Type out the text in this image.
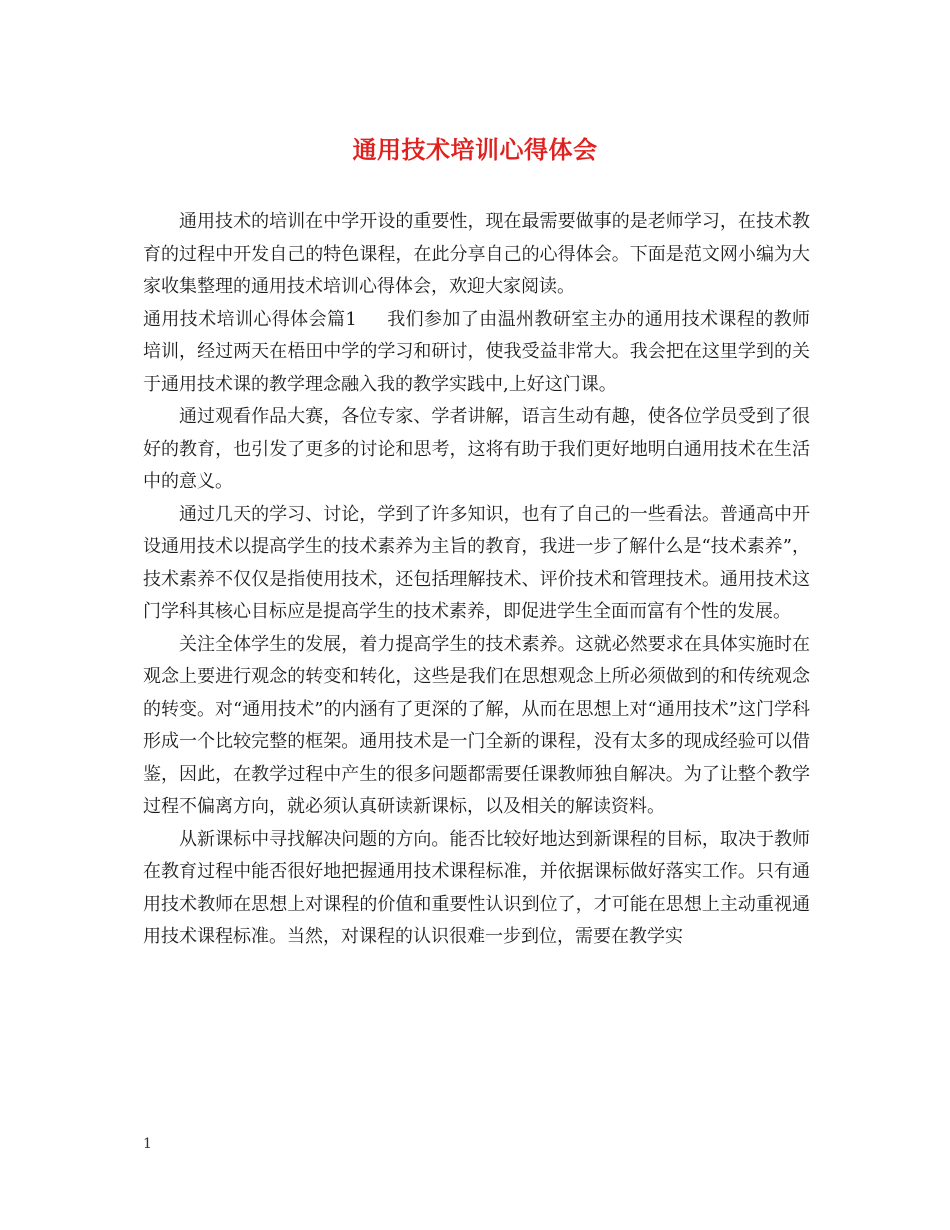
通用技术培训心得体会

通用技术的培训在中学开设的重要性，现在最需要做事的是老师学习，在技术教育的过程中开发自己的特色课程，在此分享自己的心得体会。下面是范文网小编为大家收集整理的通用技术培训心得体会，欢迎大家阅读。

通用技术培训心得体会篇1 我们参加了由温州教研室主办的通用技术课程的教师培训，经过两天在梧田中学的学习和研讨，使我受益非常大。我会把在这里学到的关于通用技术课的教学理念融入我的教学实践中,上好这门课。

通过观看作品大赛，各位专家、学者讲解，语言生动有趣，使各位学员受到了很好的教育，也引发了更多的讨论和思考，这将有助于我们更好地明白通用技术在生活中的意义。

通过几天的学习、讨论，学到了许多知识，也有了自己的一些看法。普通高中开设通用技术以提高学生的技术素养为主旨的教育，我进一步了解什么是“技术素养”， 技术素养不仅仅是指使用技术，还包括理解技术、评价技术和管理技术。通用技术这门学科其核心目标应是提高学生的技术素养，即促进学生全面而富有个性的发展。

关注全体学生的发展，着力提高学生的技术素养。这就必然要求在具体实施时在观念上要进行观念的转变和转化，这些是我们在思想观念上所必须做到的和传统观念的转变。对“通用技术”的内涵有了更深的了解，从而在思想上对“通用技术”这门学科形成一个比较完整的框架。通用技术是一门全新的课程，没有太多的现成经验可以借鉴，因此，在教学过程中产生的很多问题都需要任课教师独自解决。为了让整个教学过程不偏离方向，就必须认真研读新课标，以及相关的解读资料。

从新课标中寻找解决问题的方向。能否比较好地达到新课程的目标，取决于教师在教育过程中能否很好地把握通用技术课程标准，并依据课标做好落实工作。只有通用技术教师在思想上对课程的价值和重要性认识到位了，才可能在思想上主动重视通用技术课程标准。当然，对课程的认识很难一步到位，需要在教学实

1
